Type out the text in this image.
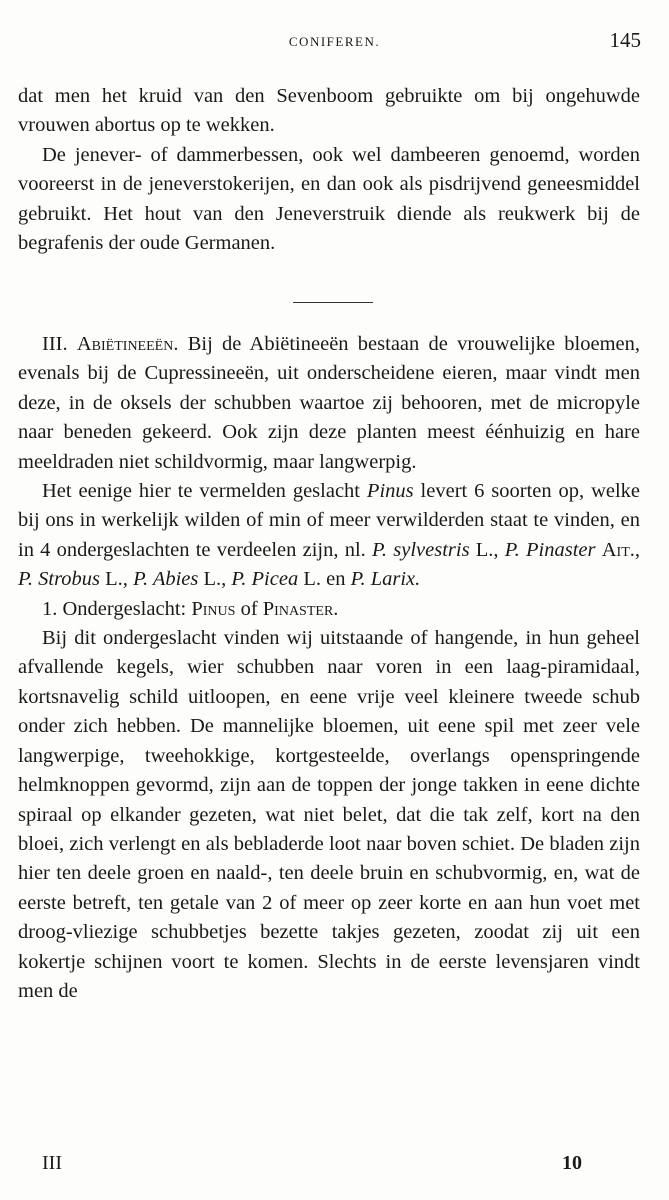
CONIFEREN.	145

dat men het kruid van den Sevenboom gebruikte om bij ongehuwde vrouwen abortus op te wekken.

De jenever- of dammerbessen, ook wel dambeeren genoemd, worden vooreerst in de jeneverstokerijen, en dan ook als pisdrijvend geneesmiddel gebruikt. Het hout van den Jeneverstruik diende als reukwerk bij de begrafenis der oude Germanen.

III. Abiëtineeën. Bij de Abiëtineeën bestaan de vrouwelijke bloemen, evenals bij de Cupressineeën, uit onderscheidene eieren, maar vindt men deze, in de oksels der schubben waartoe zij behooren, met de micropyle naar beneden gekeerd. Ook zijn deze planten meest éénhuizig en hare meeldraden niet schildvormig, maar langwerpig.

Het eenige hier te vermelden geslacht Pinus levert 6 soorten op, welke bij ons in werkelijk wilden of min of meer verwilderden staat te vinden, en in 4 ondergeslachten te verdeelen zijn, nl. P. sylvestris L., P. Pinaster Ait., P. Strobus L., P. Abies L., P. Picea L. en P. Larix.

1. Ondergeslacht: Pinus of Pinaster.

Bij dit ondergeslacht vinden wij uitstaande of hangende, in hun geheel afvallende kegels, wier schubben naar voren in een laag-piramidaal, kortsnavelig schild uitloopen, en eene vrije veel kleinere tweede schub onder zich hebben. De mannelijke bloemen, uit eene spil met zeer vele langwerpige, tweehokkige, kortgesteelde, overlangs openspringende helmknoppen gevormd, zijn aan de toppen der jonge takken in eene dichte spiraal op elkander gezeten, wat niet belet, dat die tak zelf, kort na den bloei, zich verlengt en als bebladerde loot naar boven schiet. De bladen zijn hier ten deele groen en naald-, ten deele bruin en schubvormig, en, wat de eerste betreft, ten getale van 2 of meer op zeer korte en aan hun voet met droog-vliezige schubbetjes bezette takjes gezeten, zoodat zij uit een kokertje schijnen voort te komen. Slechts in de eerste levensjaren vindt men de

III	10
